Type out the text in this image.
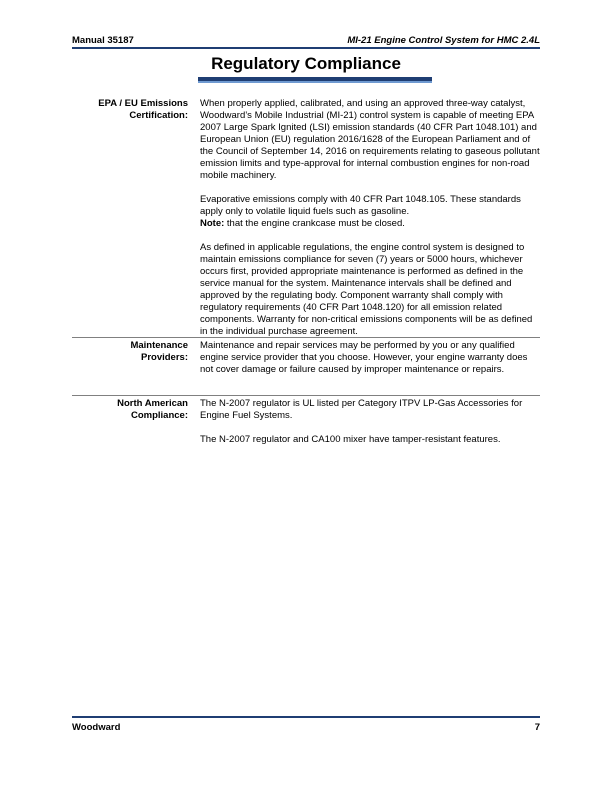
Manual 35187	MI-21 Engine Control System for HMC 2.4L
Regulatory Compliance
EPA / EU Emissions
Certification:

When properly applied, calibrated, and using an approved three-way catalyst, Woodward’s Mobile Industrial (MI-21) control system is capable of meeting EPA 2007 Large Spark Ignited (LSI) emission standards (40 CFR Part 1048.101) and European Union (EU) regulation 2016/1628 of the European Parliament and of the Council of September 14, 2016 on requirements relating to gaseous pollutant emission limits and type-approval for internal combustion engines for non-road mobile machinery.

Evaporative emissions comply with 40 CFR Part 1048.105. These standards apply only to volatile liquid fuels such as gasoline.
Note: that the engine crankcase must be closed.

As defined in applicable regulations, the engine control system is designed to maintain emissions compliance for seven (7) years or 5000 hours, whichever occurs first, provided appropriate maintenance is performed as defined in the service manual for the system. Maintenance intervals shall be defined and approved by the regulating body. Component warranty shall comply with regulatory requirements (40 CFR Part 1048.120) for all emission related components. Warranty for non-critical emissions components will be as defined in the individual purchase agreement.

Maintenance
Providers:

Maintenance and repair services may be performed by you or any qualified engine service provider that you choose. However, your engine warranty does not cover damage or failure caused by improper maintenance or repairs.

North American
Compliance:

The N-2007 regulator is UL listed per Category ITPV LP-Gas Accessories for Engine Fuel Systems.

The N-2007 regulator and CA100 mixer have tamper-resistant features.

Woodward	7
